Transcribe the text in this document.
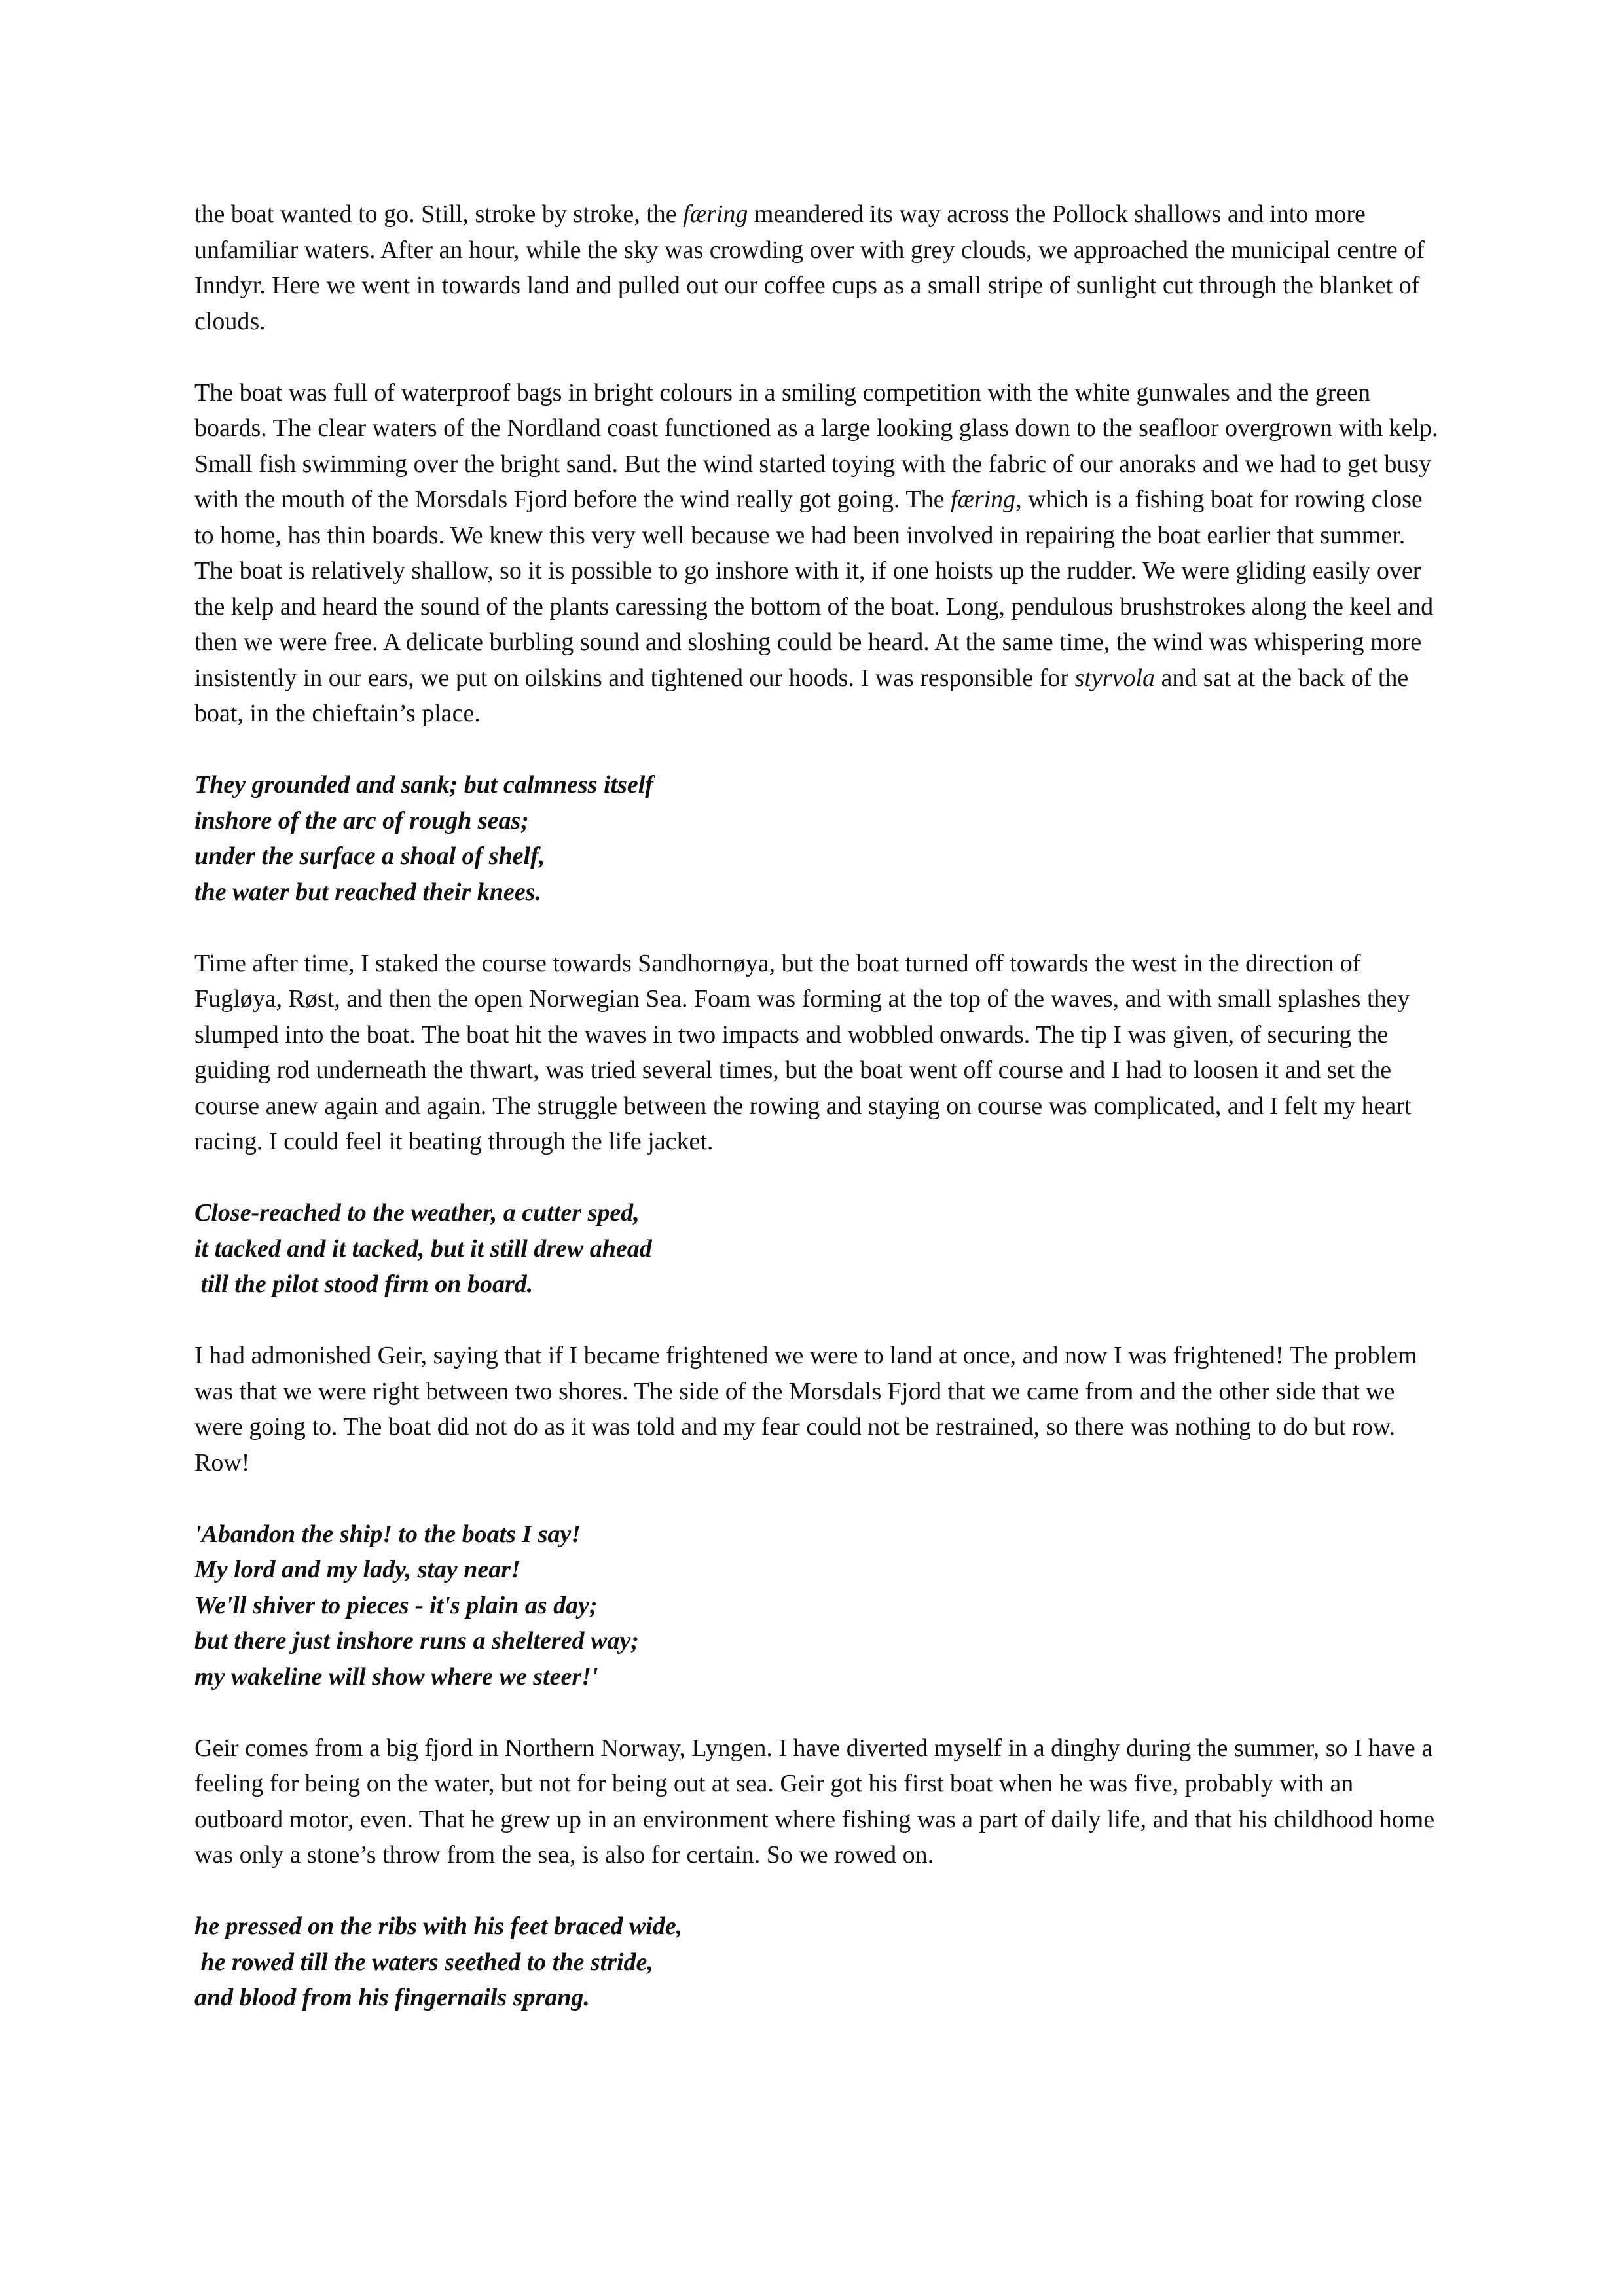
the boat wanted to go. Still, stroke by stroke, the færing meandered its way across the Pollock shallows and into more unfamiliar waters. After an hour, while the sky was crowding over with grey clouds, we approached the municipal centre of Inndyr. Here we went in towards land and pulled out our coffee cups as a small stripe of sunlight cut through the blanket of clouds.

The boat was full of waterproof bags in bright colours in a smiling competition with the white gunwales and the green boards. The clear waters of the Nordland coast functioned as a large looking glass down to the seafloor overgrown with kelp. Small fish swimming over the bright sand. But the wind started toying with the fabric of our anoraks and we had to get busy with the mouth of the Morsdals Fjord before the wind really got going. The færing, which is a fishing boat for rowing close to home, has thin boards. We knew this very well because we had been involved in repairing the boat earlier that summer. The boat is relatively shallow, so it is possible to go inshore with it, if one hoists up the rudder. We were gliding easily over the kelp and heard the sound of the plants caressing the bottom of the boat. Long, pendulous brushstrokes along the keel and then we were free. A delicate burbling sound and sloshing could be heard. At the same time, the wind was whispering more insistently in our ears, we put on oilskins and tightened our hoods. I was responsible for styrvola and sat at the back of the boat, in the chieftain’s place.

They grounded and sank; but calmness itself
inshore of the arc of rough seas;
under the surface a shoal of shelf,
the water but reached their knees.

Time after time, I staked the course towards Sandhornøya, but the boat turned off towards the west in the direction of Fugløya, Røst, and then the open Norwegian Sea. Foam was forming at the top of the waves, and with small splashes they slumped into the boat. The boat hit the waves in two impacts and wobbled onwards. The tip I was given, of securing the guiding rod underneath the thwart, was tried several times, but the boat went off course and I had to loosen it and set the course anew again and again. The struggle between the rowing and staying on course was complicated, and I felt my heart racing. I could feel it beating through the life jacket.

Close-reached to the weather, a cutter sped,
it tacked and it tacked, but it still drew ahead
till the pilot stood firm on board.

I had admonished Geir, saying that if I became frightened we were to land at once, and now I was frightened! The problem was that we were right between two shores. The side of the Morsdals Fjord that we came from and the other side that we were going to. The boat did not do as it was told and my fear could not be restrained, so there was nothing to do but row. Row!

'Abandon the ship! to the boats I say!
My lord and my lady, stay near!
We'll shiver to pieces - it's plain as day;
but there just inshore runs a sheltered way;
my wakeline will show where we steer!'

Geir comes from a big fjord in Northern Norway, Lyngen. I have diverted myself in a dinghy during the summer, so I have a feeling for being on the water, but not for being out at sea. Geir got his first boat when he was five, probably with an outboard motor, even. That he grew up in an environment where fishing was a part of daily life, and that his childhood home was only a stone’s throw from the sea, is also for certain. So we rowed on.

he pressed on the ribs with his feet braced wide,
he rowed till the waters seethed to the stride,
and blood from his fingernails sprang.
